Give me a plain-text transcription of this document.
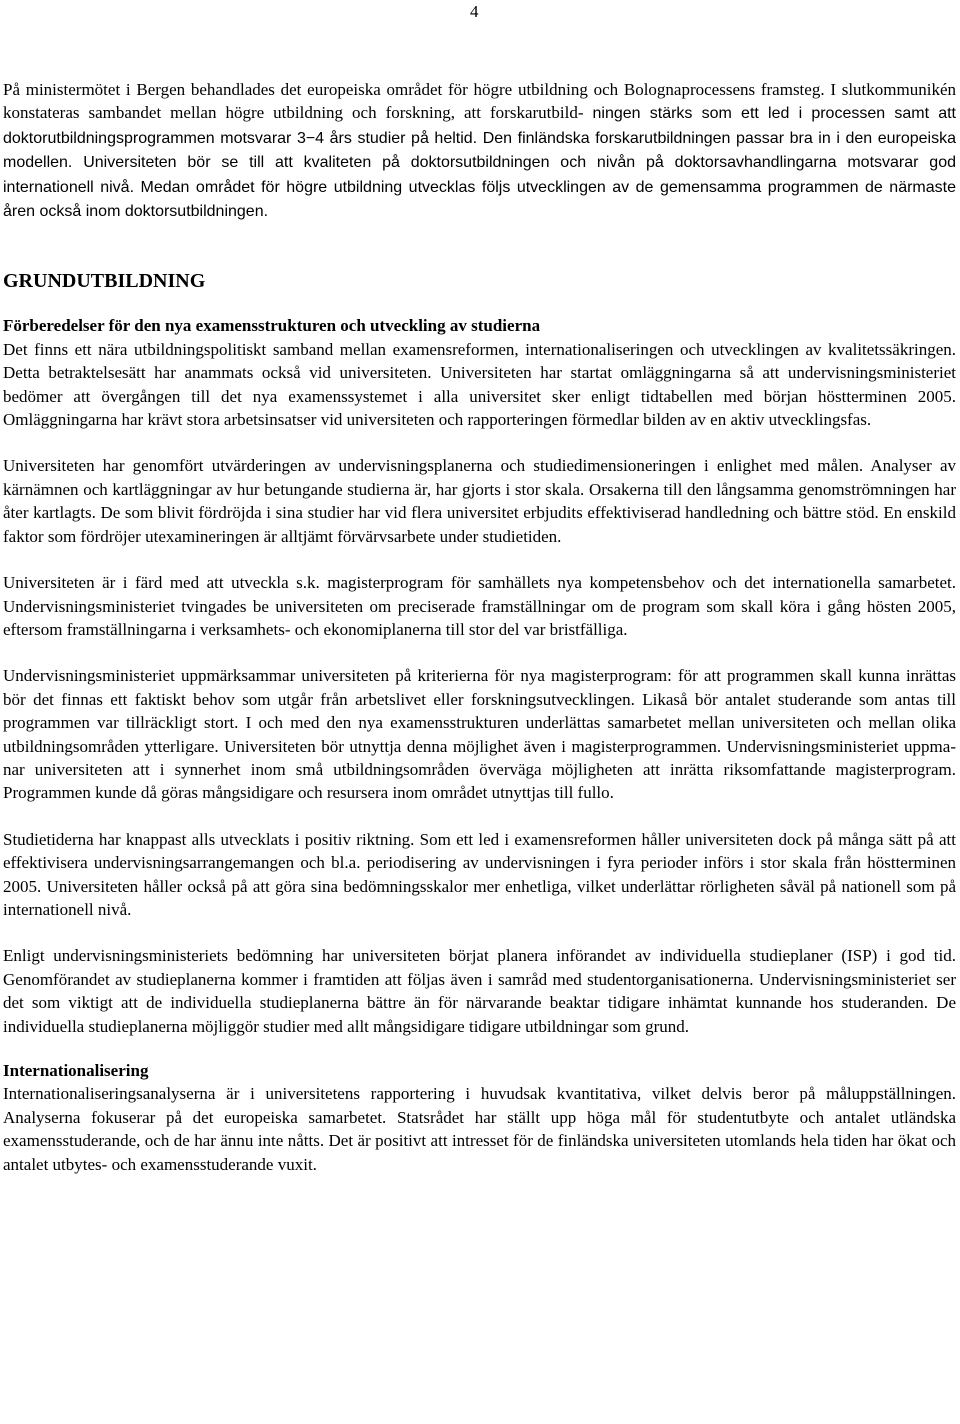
4

På ministermötet i Bergen behandlades det europeiska området för högre utbildning och Bolognaprocessens framsteg. I slutkommunikén konstateras sambandet mellan högre utbildning och forskning, att forskarutbild- ningen stärks som ett led i processen samt att doktorutbildningsprogrammen motsvarar 3−4 års studier på heltid. Den finländska forskarutbildningen passar bra in i den europeiska modellen. Universiteten bör se till att kvaliteten på doktorsutbildningen och nivån på doktorsavhandlingarna motsvarar god internationell nivå. Medan området för högre utbildning utvecklas följs utvecklingen av de gemensamma programmen de närmaste åren också inom doktorsutbildningen.

GRUNDUTBILDNING
Förberedelser för den nya examensstrukturen och utveckling av studierna

Det finns ett nära utbildningspolitiskt samband mellan examensreformen, internationaliseringen och utvecklingen av kvalitetssäkringen. Detta betraktelsesätt har anammats också vid universiteten. Universiteten har startat omläggningarna så att undervisningsministeriet bedömer att övergången till det nya examenssystemet i alla universitet sker enligt tidtabellen med början höstterminen 2005. Omläggningarna har krävt stora arbetsinsatser vid universiteten och rapporteringen förmedlar bilden av en aktiv utvecklingsfas.

Universiteten har genomfört utvärderingen av undervisningsplanerna och studiedimensioneringen i enlighet med målen. Analyser av kärnämnen och kartläggningar av hur betungande studierna är, har gjorts i stor skala. Orsakerna till den långsamma genomströmningen har åter kartlagts. De som blivit fördröjda i sina studier har vid flera universitet erbjudits effektiviserad handledning och bättre stöd. En enskild faktor som fördröjer utexamineringen är alltjämt förvärvsarbete under studietiden.

Universiteten är i färd med att utveckla s.k. magisterprogram för samhällets nya kompetensbehov och det internationella samarbetet. Undervisningsministeriet tvingades be universiteten om preciserade framställningar om de program som skall köra i gång hösten 2005, eftersom framställningarna i verksamhets- och ekonomiplanerna till stor del var bristfälliga.

Undervisningsministeriet uppmärksammar universiteten på kriterierna för nya magisterprogram: för att programmen skall kunna inrättas bör det finnas ett faktiskt behov som utgår från arbetslivet eller forskningsutvecklingen. Likaså bör antalet studerande som antas till programmen var tillräckligt stort. I och med den nya examensstrukturen underlättas samarbetet mellan universiteten och mellan olika utbildningsområden ytterligare. Universiteten bör utnyttja denna möjlighet även i magisterprogrammen. Undervisningsministeriet uppmanar universiteten att i synnerhet inom små utbildningsområden överväga möjligheten att inrätta riksomfattande magisterprogram. Programmen kunde då göras mångsidigare och resursera inom området utnyttjas till fullo.

Studietiderna har knappast alls utvecklats i positiv riktning. Som ett led i examensreformen håller universiteten dock på många sätt på att effektivisera undervisningsarrangemangen och bl.a. periodisering av undervisningen i fyra perioder införs i stor skala från höstterminen 2005. Universiteten håller också på att göra sina bedömningsskalor mer enhetliga, vilket underlättar rörligheten såväl på nationell som på internationell nivå.

Enligt undervisningsministeriets bedömning har universiteten börjat planera införandet av individuella studieplaner (ISP) i god tid. Genomförandet av studieplanerna kommer i framtiden att följas även i samråd med studentorganisationerna. Undervisningsministeriet ser det som viktigt att de individuella studieplanerna bättre än för närvarande beaktar tidigare inhämtat kunnande hos studeranden. De individuella studieplanerna möjliggör studier med allt mångsidigare tidigare utbildningar som grund.

Internationalisering

Internationaliseringsanalyserna är i universitetens rapportering i huvudsak kvantitativa, vilket delvis beror på måluppställningen. Analyserna fokuserar på det europeiska samarbetet. Statsrådet har ställt upp höga mål för studentutbyte och antalet utländska examensstuderande, och de har ännu inte nåtts. Det är positivt att intresset för de finländska universiteten utomlands hela tiden har ökat och antalet utbytes- och examensstuderande vuxit.
